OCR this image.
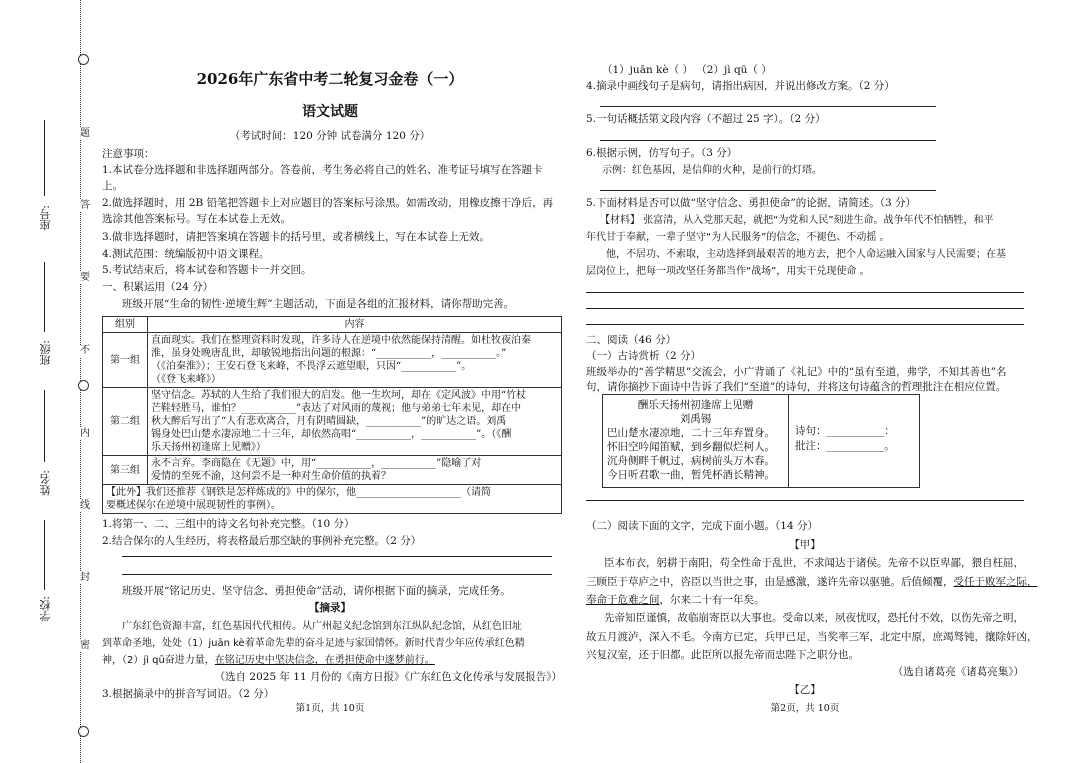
密
封
线
内
不
要
答
题
学校:
姓名:
班级:
座号:
2026年广东省中考二轮复习金卷（一）
语文试题
（考试时间：120 分钟 试卷满分 120 分）
注意事项：
1.本试卷分选择题和非选择题两部分。答卷前，考生务必将自己的姓名、准考证号填写在答题卡
上。
2.做选择题时，用 2B 铅笔把答题卡上对应题目的答案标号涂黑。如需改动，用橡皮擦干净后，再
选涂其他答案标号。写在本试卷上无效。
3.做非选择题时，请把答案填在答题卡的括号里，或者横线上，写在本试卷上无效。
4.测试范围：统编版初中语文课程。
5.考试结束后，将本试卷和答题卡一并交回。
一、积累运用（24 分）
班级开展“生命的韧性·逆境生辉”主题活动，下面是各组的汇报材料，请你帮助完善。
组别	内容
第一组	直面现实。我们在整理资料时发现，许多诗人在逆境中依然能保持清醒。如杜牧夜泊秦
淮，虽身处晚唐乱世，却敏锐地指出问题的根源：“___________，___________。”
（《泊秦淮》）；王安石登飞来峰，不畏浮云遮望眼，只因“___________”。
（《登飞来峰》）

第二组	坚守信念。苏轼的人生给了我们很大的启发。他一生坎坷，却在《定风波》中用“竹杖
芒鞋轻胜马，谁怕？___________”表达了对风雨的蔑视；他与弟弟七年未见，却在中
秋大醉后写出了“人有悲欢离合，月有阴晴圆缺，___________”的旷达之语。刘禹
锡身处巴山楚水凄凉地二十三年，却依然高唱“___________，___________”。（《酬
乐天扬州初逢席上见赠》）

第三组	永不言弃。李商隐在《无题》中，用“___________，___________”隐喻了对
爱情的至死不渝，这何尝不是一种对生命价值的执着？

【此外】我们还推荐《钢铁是怎样炼成的》中的保尔，他_____________________（请简
要概述保尔在逆境中展现韧性的事例）。	
1.将第一、二、三组中的诗文名句补充完整。（10 分）
2.结合保尔的人生经历，将表格最后那空缺的事例补充完整。（2 分）
班级开展“铭记历史、坚守信念、勇担使命”活动，请你根据下面的摘录，完成任务。
【摘录】
广东红色资源丰富，红色基因代代相传。从广州起义纪念馆到东江纵队纪念馆，从红色旧址
到革命圣地，处处（1）juān kè着革命先辈的奋斗足迹与家国情怀。新时代青少年应传承红色精
神，（2）jì qū奋进力量，在铭记历史中坚决信念，在勇担使命中逐梦前行。
（选自 2025 年 11 月份的《南方日报》《广东红色文化传承与发展报告》）
3.根据摘录中的拼音写词语。（2 分）
第1页，共 10页
（1）juān kè（ ） （2）jì qū（ ）
4.摘录中画线句子是病句，请指出病因，并说出修改方案。（2 分）
5.一句话概括第文段内容（不超过 25 字）。（2 分）
6.根据示例，仿写句子。（3 分）
示例：红色基因，是信仰的火种，是前行的灯塔。
5.下面材料是否可以做“坚守信念、勇担使命”的论据，请简述。（3 分）
【材料】 张富清，从入党那天起，就把“为党和人民”刻进生命。战争年代不怕牺牲，和平
年代甘于奉献，一辈子坚守“为人民服务”的信念，不褪色、不动摇 。
他，不居功、不索取，主动选择到最艰苦的地方去，把个人命运融入国家与人民需要；在基
层岗位上，把每一项改坚任务都当作“战场”，用实干兑现使命 。
二、阅读（46 分）
（一）古诗赏析（2 分）
班级举办的“善学精思”交流会，小广背诵了《礼记》中的“虽有至道，弗学，不知其善也”名
句，请你摘抄下面诗中告诉了我们“至道”的诗句，并将这句诗蕴含的哲理批注在相应位置。
酬乐天扬州初逢席上见赠
刘禹锡
巴山楚水凄凉地，二十三年弃置身。
怀旧空吟闻笛赋，到乡翻似烂柯人。
沉舟侧畔千帆过，病树前头万木春。
今日听君歌一曲，暂凭杯酒长精神。
诗句：___________：
批注：___________。
（二）阅读下面的文字，完成下面小题。（14 分）
【甲】
臣本布衣，躬耕于南阳，苟全性命于乱世，不求闻达于诸侯。先帝不以臣卑鄙，猥自枉屈，
三顾臣于草庐之中，咨臣以当世之事，由是感激，遂许先帝以驱驰。后值倾覆，受任于败军之际，
奉命于危难之间，尔来二十有一年矣。
先帝知臣谨慎，故临崩寄臣以大事也。受命以来，夙夜忧叹，恐托付不效，以伤先帝之明，
故五月渡泸，深入不毛。今南方已定，兵甲已足，当奖率三军，北定中原，庶竭驽钝，攘除奸凶，
兴复汉室，还于旧都。此臣所以报先帝而忠陛下之职分也。
（选自诸葛亮《诸葛亮集》）
【乙】
第2页，共 10页
